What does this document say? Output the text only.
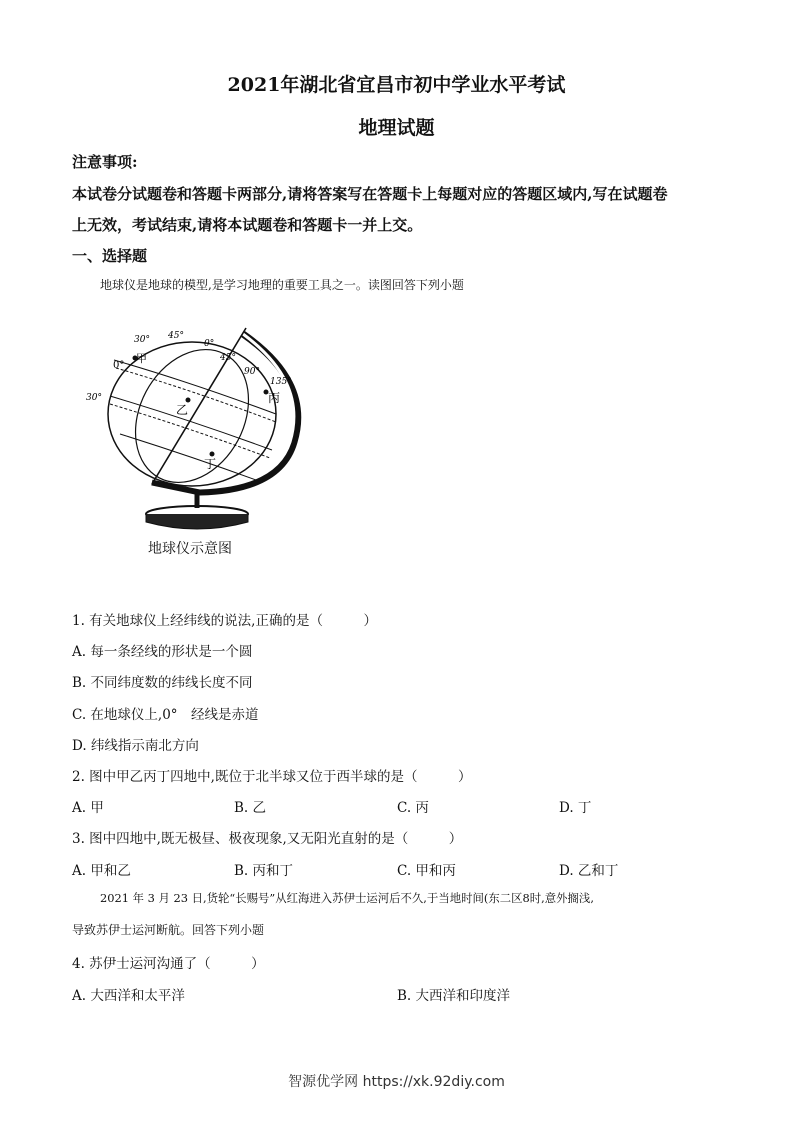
2021年湖北省宜昌市初中学业水平考试
地理试题
注意事项:
本试卷分试题卷和答题卡两部分,请将答案写在答题卡上每题对应的答题区域内,写在试题卷
上无效，考试结束,请将本试题卷和答题卡一并上交。
一、选择题
地球仪是地球的模型,是学习地理的重要工具之一。读图回答下列小题
30° 45°
0°
45°
0°
甲
90°
135°
30°
乙
丙
丁
地球仪示意图
1. 有关地球仪上经纬线的说法,正确的是（　　　）
A. 每一条经线的形状是一个圆
B. 不同纬度数的纬线长度不同
C. 在地球仪上,0°　经线是赤道
D. 纬线指示南北方向
2. 图中甲乙丙丁四地中,既位于北半球又位于西半球的是（　　　）
A. 甲	B. 乙	C. 丙	D. 丁
3. 图中四地中,既无极昼、极夜现象,又无阳光直射的是（　　　）
A. 甲和乙	B. 丙和丁	C. 甲和丙	D. 乙和丁
2021 年 3 月 23 日,货轮“长赐号”从红海进入苏伊士运河后不久,于当地时间(东二区8时,意外搁浅,
导致苏伊士运河断航。回答下列小题
4. 苏伊士运河沟通了（　　　）
A. 大西洋和太平洋	B. 大西洋和印度洋
智源优学网 https://xk.92diy.com
